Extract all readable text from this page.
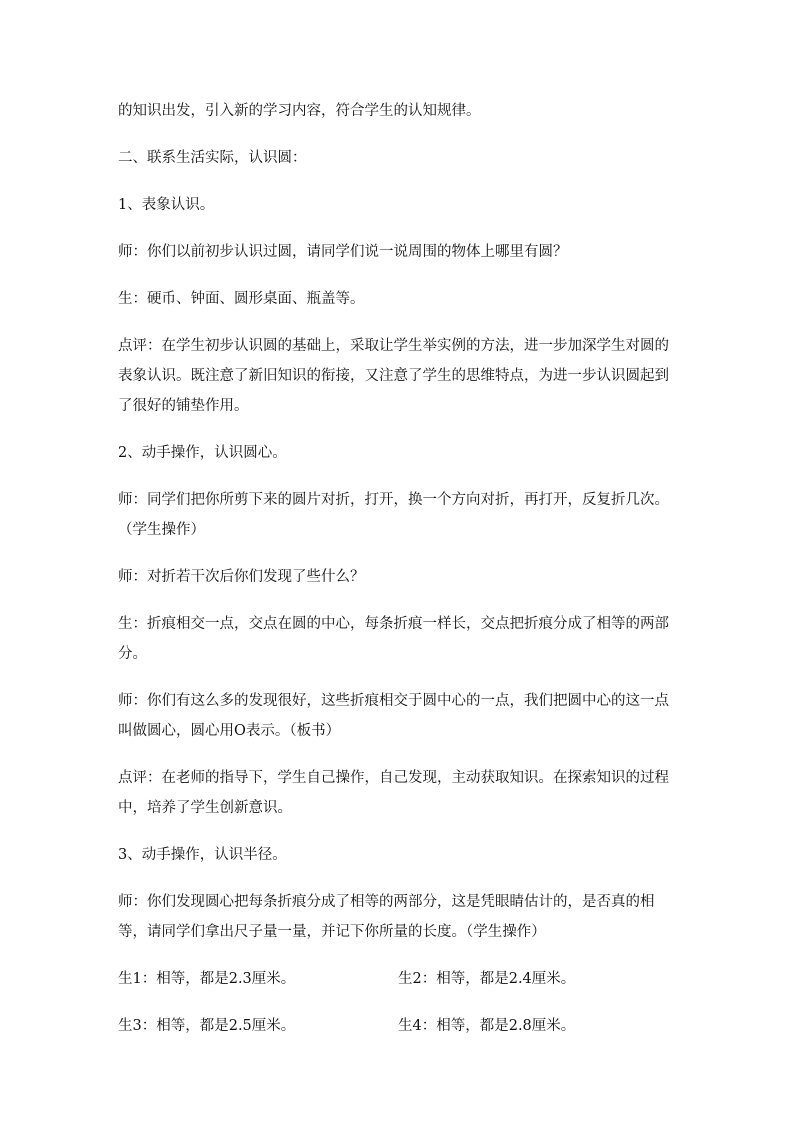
的知识出发，引入新的学习内容，符合学生的认知规律。

二、联系生活实际，认识圆：

1、表象认识。

师：你们以前初步认识过圆，请同学们说一说周围的物体上哪里有圆？

生：硬币、钟面、圆形桌面、瓶盖等。

点评：在学生初步认识圆的基础上，采取让学生举实例的方法，进一步加深学生对圆的表象认识。既注意了新旧知识的衔接，又注意了学生的思维特点，为进一步认识圆起到了很好的铺垫作用。

2、动手操作，认识圆心。

师：同学们把你所剪下来的圆片对折，打开，换一个方向对折，再打开，反复折几次。（学生操作）

师：对折若干次后你们发现了些什么？

生：折痕相交一点，交点在圆的中心，每条折痕一样长，交点把折痕分成了相等的两部分。

师：你们有这么多的发现很好，这些折痕相交于圆中心的一点，我们把圆中心的这一点叫做圆心，圆心用O表示。（板书）

点评：在老师的指导下，学生自己操作，自己发现，主动获取知识。在探索知识的过程中，培养了学生创新意识。

3、动手操作，认识半径。

师：你们发现圆心把每条折痕分成了相等的两部分，这是凭眼睛估计的，是否真的相等，请同学们拿出尺子量一量，并记下你所量的长度。（学生操作）

生1：相等，都是2.3厘米。	生2：相等，都是2.4厘米。
生3：相等，都是2.5厘米。	生4：相等，都是2.8厘米。
